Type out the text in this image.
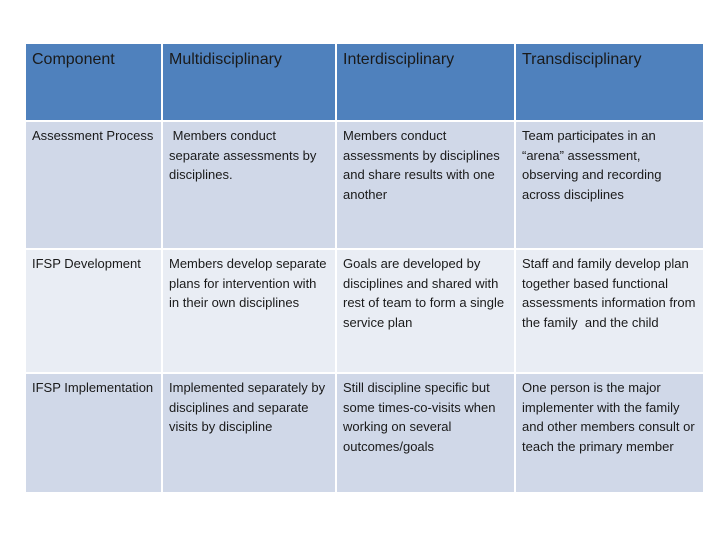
Component	Multidisciplinary	Interdisciplinary	Transdisciplinary

Assessment Process	Members conduct separate assessments by disciplines.	Members conduct assessments by disciplines and share results with one another	Team participates in an “arena” assessment, observing and recording across disciplines
IFSP Development	Members develop separate plans for intervention with in their own disciplines	Goals are developed by disciplines and shared with rest of team to form a single service plan	Staff and family develop plan together based functional assessments information from the family  and the child
IFSP Implementation	Implemented separately by disciplines and separate visits by discipline	Still discipline specific but some times-co-visits when working on several outcomes/goals	One person is the major implementer with the family and other members consult or teach the primary member
